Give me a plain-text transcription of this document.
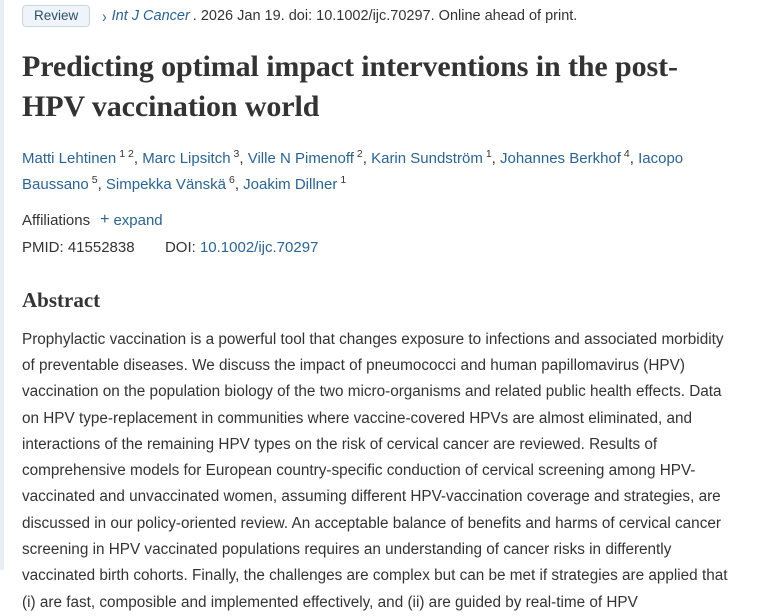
Review	› Int J Cancer . 2026 Jan 19. doi: 10.1002/ijc.70297. Online ahead of print.
Predicting optimal impact interventions in the post-HPV vaccination world
Matti Lehtinen $^{1 2}$, Marc Lipsitch $^3$, Ville N Pimenoff $^2$, Karin Sundström $^1$, Johannes Berkhof $^4$, Iacopo Baussano $^5$, Simpekka Vänskä $^6$, Joakim Dillner $^1$
Affiliations + expand
PMID: 41552838 DOI: 10.1002/ijc.70297
Abstract
Prophylactic vaccination is a powerful tool that changes exposure to infections and associated morbidity of preventable diseases. We discuss the impact of pneumococci and human papillomavirus (HPV) vaccination on the population biology of the two micro-organisms and related public health effects. Data on HPV type-replacement in communities where vaccine-covered HPVs are almost eliminated, and interactions of the remaining HPV types on the risk of cervical cancer are reviewed. Results of comprehensive models for European country-specific conduction of cervical screening among HPV-vaccinated and unvaccinated women, assuming different HPV-vaccination coverage and strategies, are discussed in our policy-oriented review. An acceptable balance of benefits and harms of cervical cancer screening in HPV vaccinated populations requires an understanding of cancer risks in differently vaccinated birth cohorts. Finally, the challenges are complex but can be met if strategies are applied that (i) are fast, composible and implemented effectively, and (ii) are guided by real-time of HPV
